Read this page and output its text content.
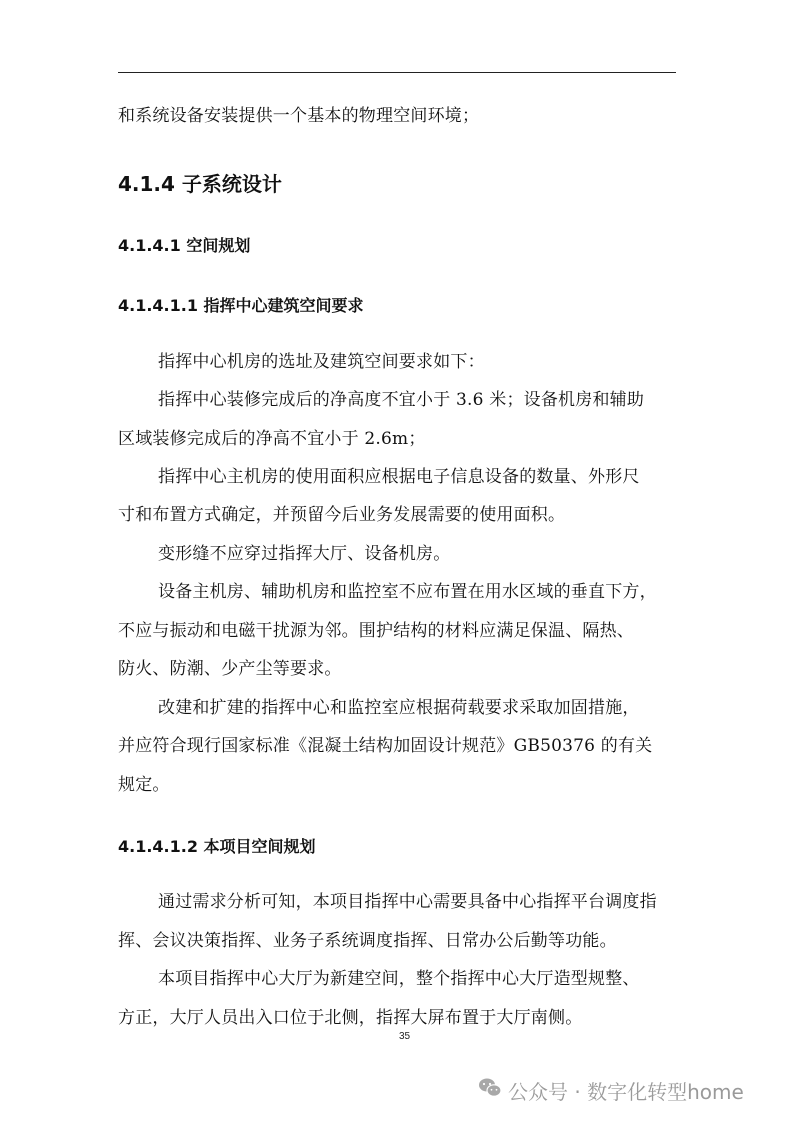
和系统设备安装提供一个基本的物理空间环境；
4.1.4 子系统设计
4.1.4.1 空间规划
4.1.4.1.1 指挥中心建筑空间要求
指挥中心机房的选址及建筑空间要求如下：
指挥中心装修完成后的净高度不宜小于 3.6 米；设备机房和辅助
区域装修完成后的净高不宜小于 2.6m；
指挥中心主机房的使用面积应根据电子信息设备的数量、外形尺
寸和布置方式确定，并预留今后业务发展需要的使用面积。
变形缝不应穿过指挥大厅、设备机房。
设备主机房、辅助机房和监控室不应布置在用水区域的垂直下方，
不应与振动和电磁干扰源为邻。围护结构的材料应满足保温、隔热、
防火、防潮、少产尘等要求。
改建和扩建的指挥中心和监控室应根据荷载要求采取加固措施，
并应符合现行国家标准《混凝土结构加固设计规范》GB50376 的有关
规定。
4.1.4.1.2 本项目空间规划
通过需求分析可知，本项目指挥中心需要具备中心指挥平台调度指
挥、会议决策指挥、业务子系统调度指挥、日常办公后勤等功能。
本项目指挥中心大厅为新建空间，整个指挥中心大厅造型规整、
方正，大厅人员出入口位于北侧，指挥大屏布置于大厅南侧。
35
公众号 · 数字化转型home
